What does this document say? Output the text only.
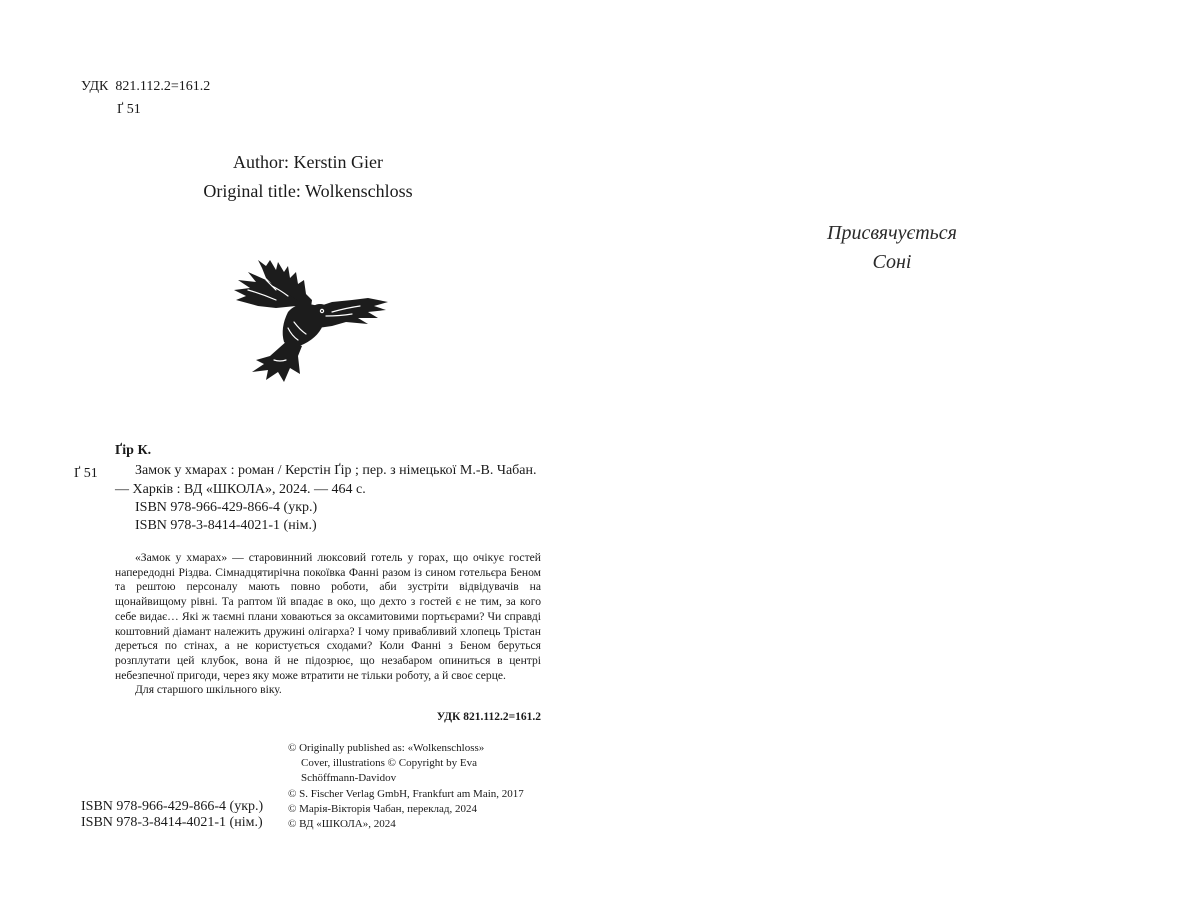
УДК 821.112.2=161.2
Ґ 51
Author: Kerstin Gier
Original title: Wolkenschloss
Присвячується
Соні
Ґір К.
Ґ 51	Замок у хмарах : роман / Керстін Ґір ; пер. з німецької М.-В. Чабан. — Харків : ВД «ШКОЛА», 2024. — 464 с.

ISBN 978-966-429-866-4 (укр.)
ISBN 978-3-8414-4021-1 (нім.)

«Замок у хмарах» — старовинний люксовий готель у горах, що очікує гостей напередодні Різдва. Сімнадцятирічна покоївка Фанні разом із сином готельєра Беном та рештою персоналу мають повно роботи, аби зустріти відвідувачів на щонайвищому рівні. Та раптом їй впадає в око, що дехто з гостей є не тим, за кого себе видає… Які ж таємні плани ховаються за оксамитовими портьєрами? Чи справді коштовний діамант належить дружині олігарха? І чому привабливий хлопець Трістан дереться по стінах, а не користується сходами? Коли Фанні з Беном беруться розплутати цей клубок, вона й не підозрює, що незабаром опиниться в центрі небезпечної пригоди, через яку може втратити не тільки роботу, а й своє серце.

Для старшого шкільного віку.

УДК 821.112.2=161.2
© Originally published as: «Wolkenschloss»
Cover, illustrations © Copyright by Eva
Schöffmann-Davidov
© S. Fischer Verlag GmbH, Frankfurt am Main, 2017
© Марія-Вікторія Чабан, переклад, 2024
© ВД «ШКОЛА», 2024
ISBN 978-966-429-866-4 (укр.)
ISBN 978-3-8414-4021-1 (нім.)
